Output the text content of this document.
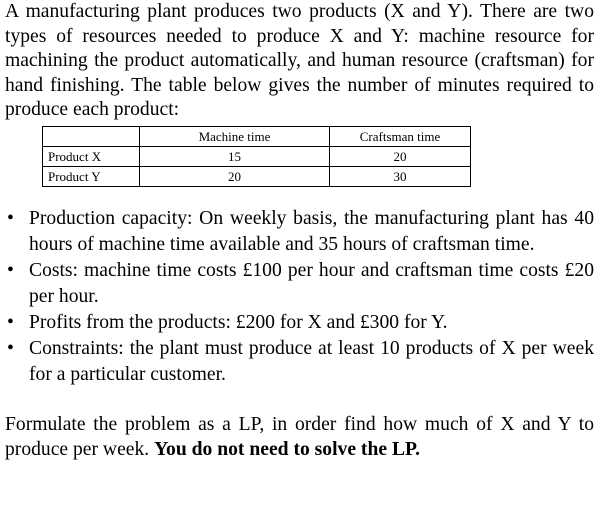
A manufacturing plant produces two products (X and Y). There are two types of resources needed to produce X and Y: machine resource for machining the product automatically, and human resource (craftsman) for hand finishing. The table below gives the number of minutes required to produce each product:

	Machine time	Craftsman time
Product X	15	20
Product Y	20	30
• Production capacity: On weekly basis, the manufacturing plant has 40 hours of machine time available and 35 hours of craftsman time.
• Costs: machine time costs £100 per hour and craftsman time costs £20 per hour.
• Profits from the products: £200 for X and £300 for Y.
• Constraints: the plant must produce at least 10 products of X per week for a particular customer.

Formulate the problem as a LP, in order find how much of X and Y to produce per week. You do not need to solve the LP.
